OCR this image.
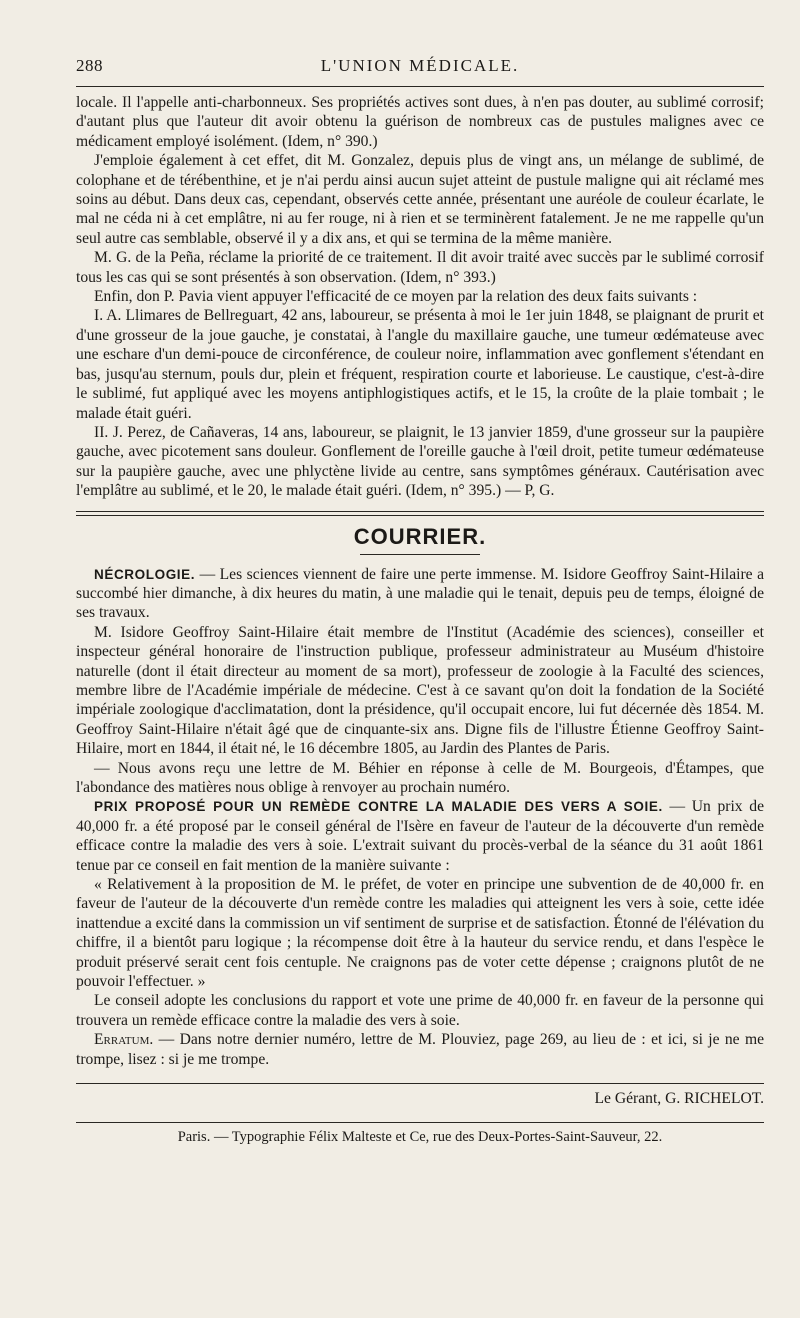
288	L'UNION MÉDICALE.

locale. Il l'appelle anti-charbonneux. Ses propriétés actives sont dues, à n'en pas douter, au sublimé corrosif; d'autant plus que l'auteur dit avoir obtenu la guérison de nombreux cas de pustules malignes avec ce médicament employé isolément. (Idem, n° 390.)

J'emploie également à cet effet, dit M. Gonzalez, depuis plus de vingt ans, un mélange de sublimé, de colophane et de térébenthine, et je n'ai perdu ainsi aucun sujet atteint de pustule maligne qui ait réclamé mes soins au début. Dans deux cas, cependant, observés cette année, présentant une auréole de couleur écarlate, le mal ne céda ni à cet emplâtre, ni au fer rouge, ni à rien et se terminèrent fatalement. Je ne me rappelle qu'un seul autre cas semblable, observé il y a dix ans, et qui se termina de la même manière.

M. G. de la Peña, réclame la priorité de ce traitement. Il dit avoir traité avec succès par le sublimé corrosif tous les cas qui se sont présentés à son observation. (Idem, n° 393.)

Enfin, don P. Pavia vient appuyer l'efficacité de ce moyen par la relation des deux faits suivants :

I. A. Llimares de Bellreguart, 42 ans, laboureur, se présenta à moi le 1er juin 1848, se plaignant de prurit et d'une grosseur de la joue gauche, je constatai, à l'angle du maxillaire gauche, une tumeur œdémateuse avec une eschare d'un demi-pouce de circonférence, de couleur noire, inflammation avec gonflement s'étendant en bas, jusqu'au sternum, pouls dur, plein et fréquent, respiration courte et laborieuse. Le caustique, c'est-à-dire le sublimé, fut appliqué avec les moyens antiphlogistiques actifs, et le 15, la croûte de la plaie tombait ; le malade était guéri.

II. J. Perez, de Cañaveras, 14 ans, laboureur, se plaignit, le 13 janvier 1859, d'une grosseur sur la paupière gauche, avec picotement sans douleur. Gonflement de l'oreille gauche à l'œil droit, petite tumeur œdémateuse sur la paupière gauche, avec une phlyctène livide au centre, sans symptômes généraux. Cautérisation avec l'emplâtre au sublimé, et le 20, le malade était guéri. (Idem, n° 395.) — P, G.

COURRIER.

NÉCROLOGIE. — Les sciences viennent de faire une perte immense. M. Isidore Geoffroy Saint-Hilaire a succombé hier dimanche, à dix heures du matin, à une maladie qui le tenait, depuis peu de temps, éloigné de ses travaux.

M. Isidore Geoffroy Saint-Hilaire était membre de l'Institut (Académie des sciences), conseiller et inspecteur général honoraire de l'instruction publique, professeur administrateur au Muséum d'histoire naturelle (dont il était directeur au moment de sa mort), professeur de zoologie à la Faculté des sciences, membre libre de l'Académie impériale de médecine. C'est à ce savant qu'on doit la fondation de la Société impériale zoologique d'acclimatation, dont la présidence, qu'il occupait encore, lui fut décernée dès 1854. M. Geoffroy Saint-Hilaire n'était âgé que de cinquante-six ans. Digne fils de l'illustre Étienne Geoffroy Saint-Hilaire, mort en 1844, il était né, le 16 décembre 1805, au Jardin des Plantes de Paris.

— Nous avons reçu une lettre de M. Béhier en réponse à celle de M. Bourgeois, d'Étampes, que l'abondance des matières nous oblige à renvoyer au prochain numéro.

PRIX PROPOSÉ POUR UN REMÈDE CONTRE LA MALADIE DES VERS A SOIE. — Un prix de 40,000 fr. a été proposé par le conseil général de l'Isère en faveur de l'auteur de la découverte d'un remède efficace contre la maladie des vers à soie. L'extrait suivant du procès-verbal de la séance du 31 août 1861 tenue par ce conseil en fait mention de la manière suivante :

« Relativement à la proposition de M. le préfet, de voter en principe une subvention de de 40,000 fr. en faveur de l'auteur de la découverte d'un remède contre les maladies qui atteignent les vers à soie, cette idée inattendue a excité dans la commission un vif sentiment de surprise et de satisfaction. Étonné de l'élévation du chiffre, il a bientôt paru logique ; la récompense doit être à la hauteur du service rendu, et dans l'espèce le produit préservé serait cent fois centuple. Ne craignons pas de voter cette dépense ; craignons plutôt de ne pouvoir l'effectuer. »

Le conseil adopte les conclusions du rapport et vote une prime de 40,000 fr. en faveur de la personne qui trouvera un remède efficace contre la maladie des vers à soie.

Erratum. — Dans notre dernier numéro, lettre de M. Plouviez, page 269, au lieu de : et ici, si je ne me trompe, lisez : si je me trompe.

Le Gérant, G. RICHELOT.
Paris. — Typographie Félix Malteste et Ce, rue des Deux-Portes-Saint-Sauveur, 22.
